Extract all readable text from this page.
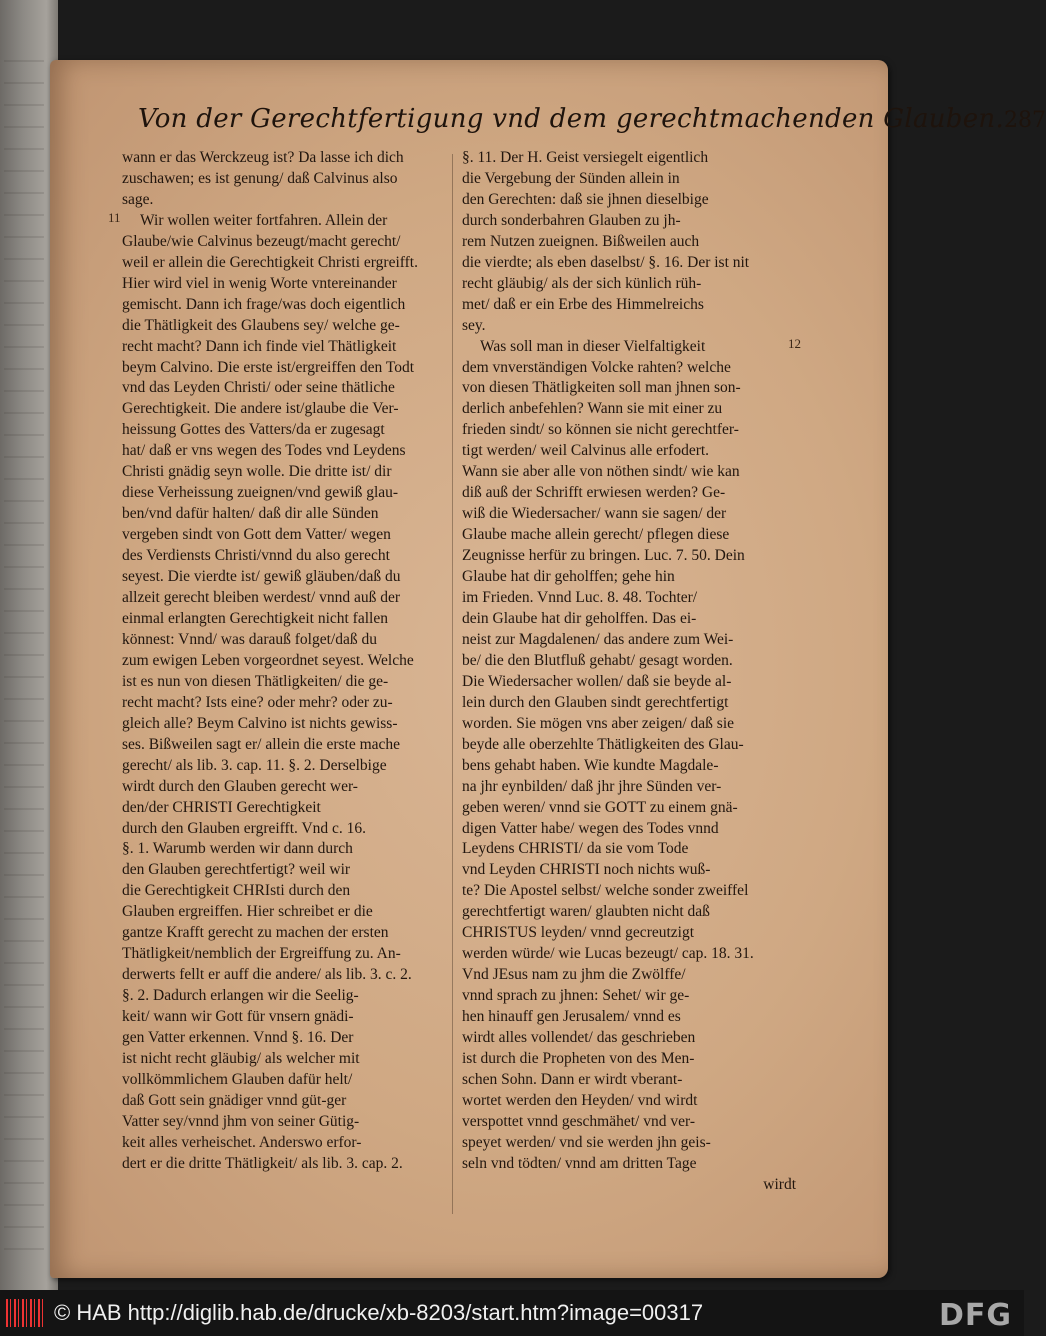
Von der Gerechtfertigung vnd dem gerechtmachenden Glauben. 287
11
12
wann er das Werckzeug ist? Da lasse ich dich
zuschawen; es ist genung/ daß Calvinus also
sage.
Wir wollen weiter fortfahren. Allein der
Glaube/wie Calvinus bezeugt/macht gerecht/
weil er allein die Gerechtigkeit Christi ergreifft.
Hier wird viel in wenig Worte vntereinander
gemischt. Dann ich frage/was doch eigentlich
die Thätligkeit des Glaubens sey/ welche ge-
recht macht? Dann ich finde viel Thätligkeit
beym Calvino. Die erste ist/ergreiffen den Todt
vnd das Leyden Christi/ oder seine thätliche
Gerechtigkeit. Die andere ist/glaube die Ver-
heissung Gottes des Vatters/da er zugesagt
hat/ daß er vns wegen des Todes vnd Leydens
Christi gnädig seyn wolle. Die dritte ist/ dir
diese Verheissung zueignen/vnd gewiß glau-
ben/vnd dafür halten/ daß dir alle Sünden
vergeben sindt von Gott dem Vatter/ wegen
des Verdiensts Christi/vnnd du also gerecht
seyest. Die vierdte ist/ gewiß gläuben/daß du
allzeit gerecht bleiben werdest/ vnnd auß der
einmal erlangten Gerechtigkeit nicht fallen
könnest: Vnnd/ was darauß folget/daß du
zum ewigen Leben vorgeordnet seyest. Welche
ist es nun von diesen Thätligkeiten/ die ge-
recht macht? Ists eine? oder mehr? oder zu-
gleich alle? Beym Calvino ist nichts gewiss-
ses. Bißweilen sagt er/ allein die erste mache
gerecht/ als lib. 3. cap. 11. §. 2. Derselbige
wirdt durch den Glauben gerecht wer-
den/der CHRISTI Gerechtigkeit
durch den Glauben ergreifft. Vnd c. 16.
§. 1. Warumb werden wir dann durch
den Glauben gerechtfertigt? weil wir
die Gerechtigkeit CHRIsti durch den
Glauben ergreiffen. Hier schreibet er die
gantze Krafft gerecht zu machen der ersten
Thätligkeit/nemblich der Ergreiffung zu. An-
derwerts fellt er auff die andere/ als lib. 3. c. 2.
§. 2. Dadurch erlangen wir die Seelig-
keit/ wann wir Gott für vnsern gnädi-
gen Vatter erkennen. Vnnd §. 16. Der
ist nicht recht gläubig/ als welcher mit
vollkömmlichem Glauben dafür helt/
daß Gott sein gnädiger vnnd güt-ger
Vatter sey/vnnd jhm von seiner Gütig-
keit alles verheischet. Anderswo erfor-
dert er die dritte Thätligkeit/ als lib. 3. cap. 2.
§. 11. Der H. Geist versiegelt eigentlich
die Vergebung der Sünden allein in
den Gerechten: daß sie jhnen dieselbige
durch sonderbahren Glauben zu jh-
rem Nutzen zueignen. Bißweilen auch
die vierdte; als eben daselbst/ §. 16. Der ist nit
recht gläubig/ als der sich künlich rüh-
met/ daß er ein Erbe des Himmelreichs
sey.
Was soll man in dieser Vielfaltigkeit
dem vnverständigen Volcke rahten? welche
von diesen Thätligkeiten soll man jhnen son-
derlich anbefehlen? Wann sie mit einer zu
frieden sindt/ so können sie nicht gerechtfer-
tigt werden/ weil Calvinus alle erfodert.
Wann sie aber alle von nöthen sindt/ wie kan
diß auß der Schrifft erwiesen werden? Ge-
wiß die Wiedersacher/ wann sie sagen/ der
Glaube mache allein gerecht/ pflegen diese
Zeugnisse herfür zu bringen. Luc. 7. 50. Dein
Glaube hat dir geholffen; gehe hin
im Frieden. Vnnd Luc. 8. 48. Tochter/
dein Glaube hat dir geholffen. Das ei-
neist zur Magdalenen/ das andere zum Wei-
be/ die den Blutfluß gehabt/ gesagt worden.
Die Wiedersacher wollen/ daß sie beyde al-
lein durch den Glauben sindt gerechtfertigt
worden. Sie mögen vns aber zeigen/ daß sie
beyde alle oberzehlte Thätligkeiten des Glau-
bens gehabt haben. Wie kundte Magdale-
na jhr eynbilden/ daß jhr jhre Sünden ver-
geben weren/ vnnd sie GOTT zu einem gnä-
digen Vatter habe/ wegen des Todes vnnd
Leydens CHRISTI/ da sie vom Tode
vnd Leyden CHRISTI noch nichts wuß-
te? Die Apostel selbst/ welche sonder zweiffel
gerechtfertigt waren/ glaubten nicht daß
CHRISTUS leyden/ vnnd gecreutzigt
werden würde/ wie Lucas bezeugt/ cap. 18. 31.
Vnd JEsus nam zu jhm die Zwölffe/
vnnd sprach zu jhnen: Sehet/ wir ge-
hen hinauff gen Jerusalem/ vnnd es
wirdt alles vollendet/ das geschrieben
ist durch die Propheten von des Men-
schen Sohn. Dann er wirdt vberant-
wortet werden den Heyden/ vnd wirdt
verspottet vnnd geschmähet/ vnd ver-
speyet werden/ vnd sie werden jhn geis-
seln vnd tödten/ vnnd am dritten Tage
wirdt
© HAB http://diglib.hab.de/drucke/xb-8203/start.htm?image=00317	DFG
